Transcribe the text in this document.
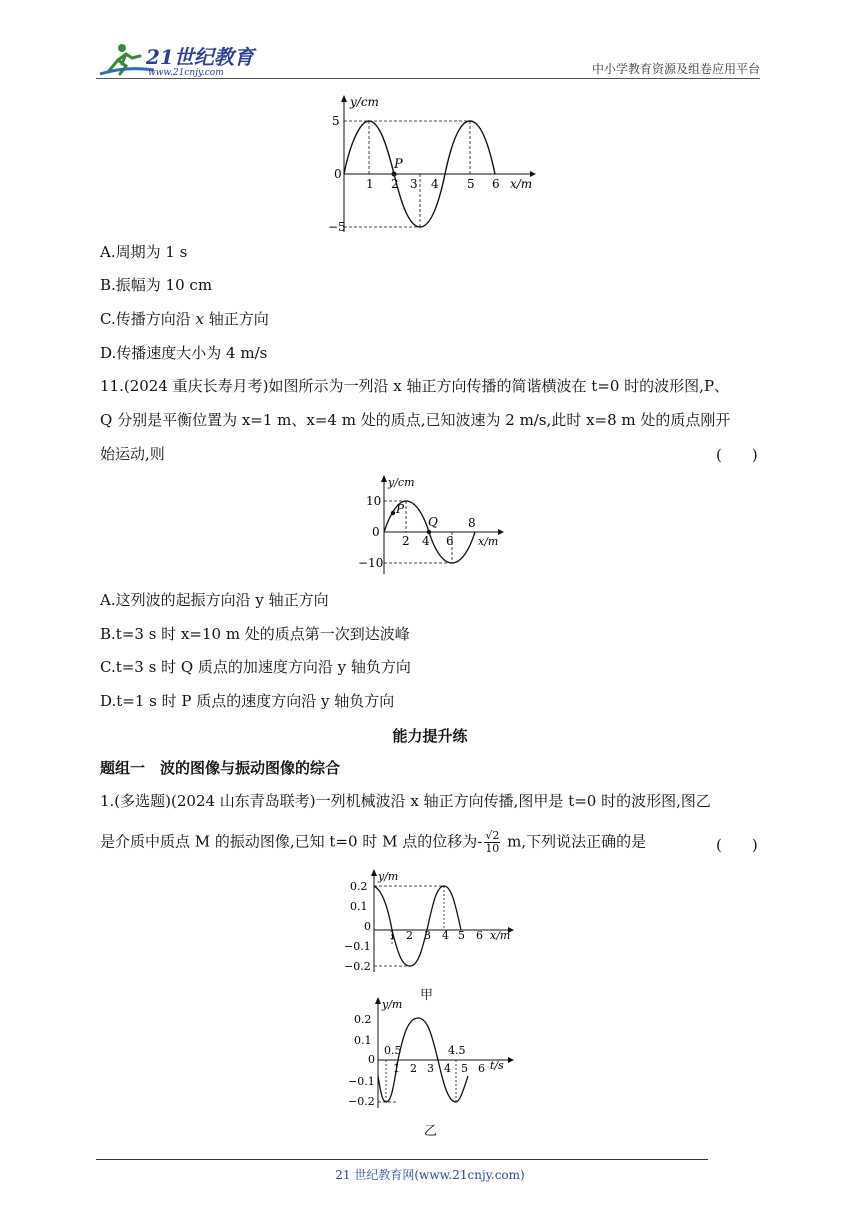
21世纪教育
www.21cnjy.com	中小学教育资源及组卷应用平台
y/cm
x/m
5
0
−5
1 2 3 4 5 6
P
A.周期为 1 s
B.振幅为 10 cm
C.传播方向沿 x 轴正方向
D.传播速度大小为 4 m/s
11.(2024 重庆长寿月考)如图所示为一列沿 x 轴正方向传播的简谐横波在 t=0 时的波形图,P、
Q 分别是平衡位置为 x=1 m、x=4 m 处的质点,已知波速为 2 m/s,此时 x=8 m 处的质点刚开
始运动,则	(　　)
y/cm
x/m
10
0
−10
2 4 6
8
P
Q
A.这列波的起振方向沿 y 轴正方向
B.t=3 s 时 x=10 m 处的质点第一次到达波峰
C.t=3 s 时 Q 质点的加速度方向沿 y 轴负方向
D.t=1 s 时 P 质点的速度方向沿 y 轴负方向
能力提升练
题组一　波的图像与振动图像的综合
1.(多选题)(2024 山东青岛联考)一列机械波沿 x 轴正方向传播,图甲是 t=0 时的波形图,图乙
是介质中质点 M 的振动图像,已知 t=0 时 M 点的位移为- $\frac{√2}{10} m$,下列说法正确的是	(　　)
y/m
x/m
0.2
0.1
0
−0.1
−0.2
1 2 3 4 5 6
甲
y/m
t/s
0.2
0.1
0
−0.1
−0.2
0.5	4.5
1 2 3 4 5 6
乙
21 世纪教育网(www.21cnjy.com)
